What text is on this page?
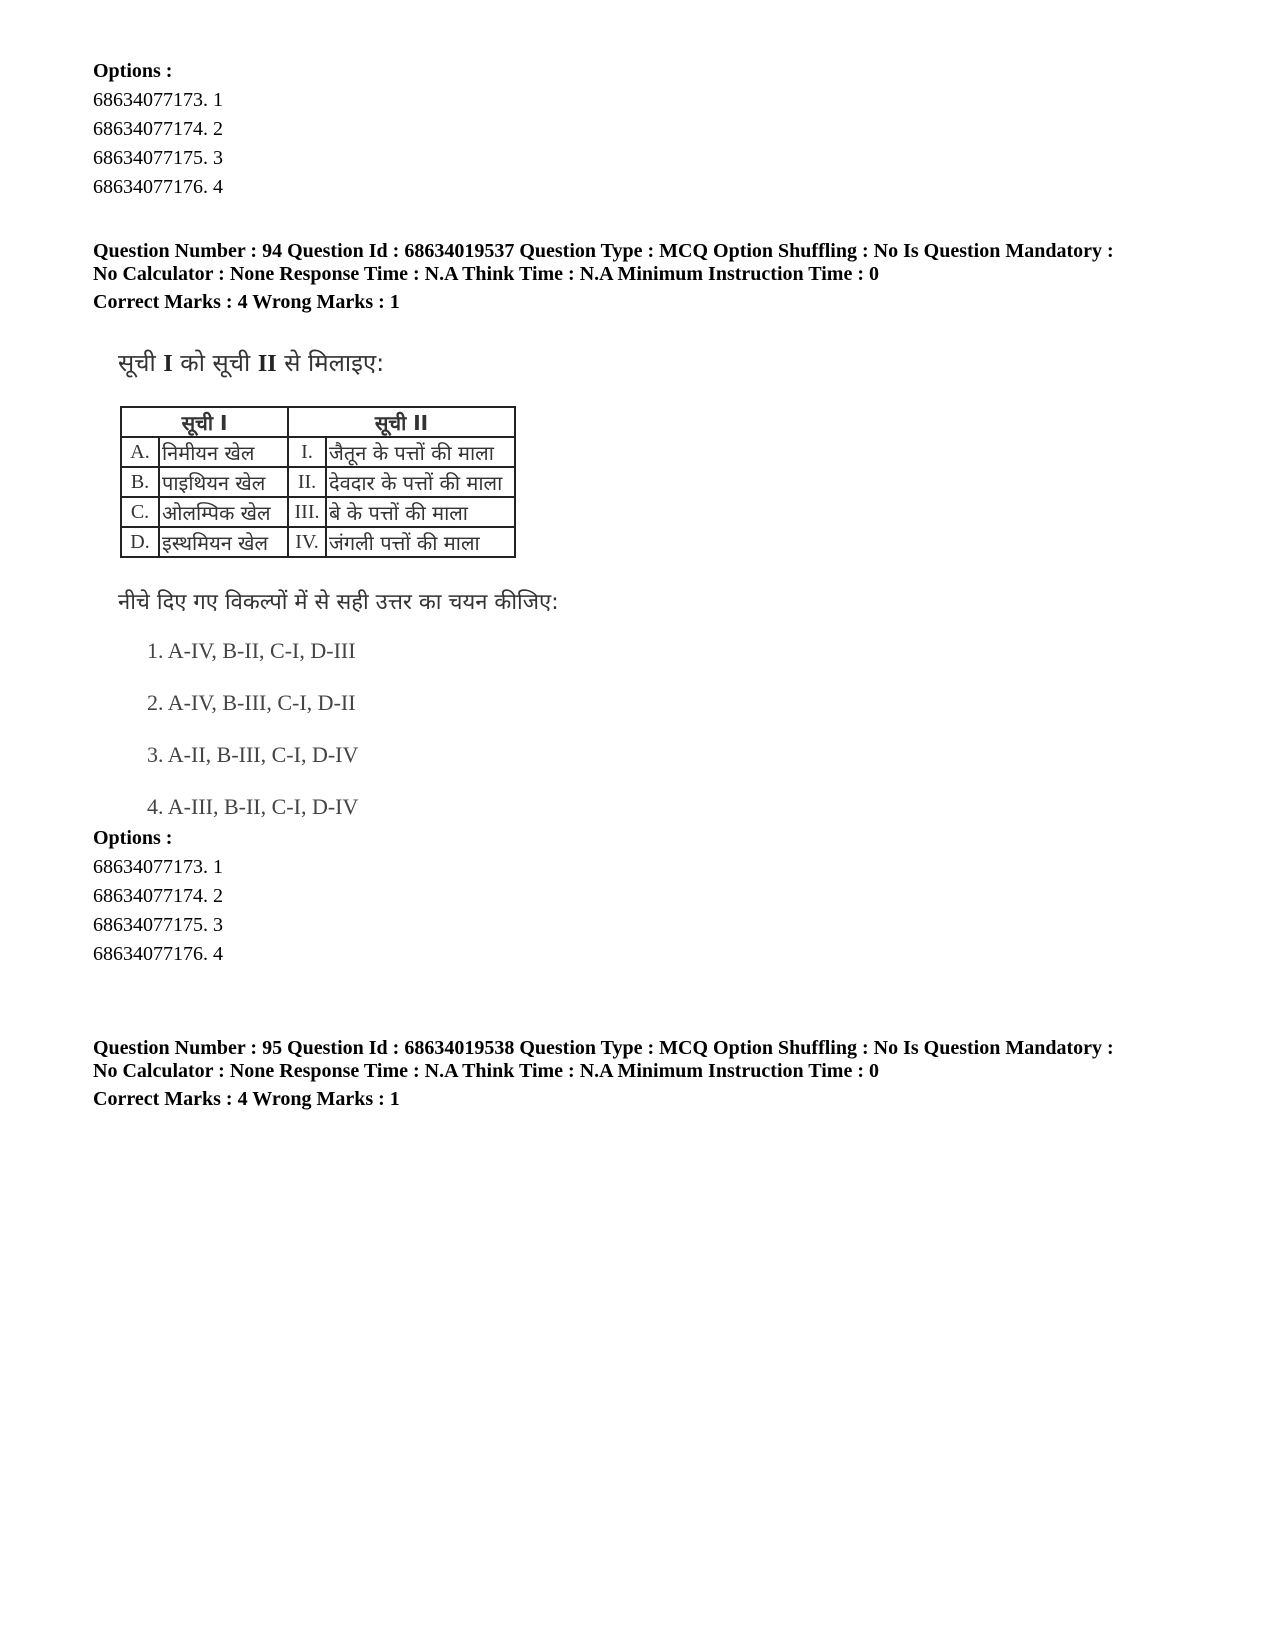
Options :
68634077173. 1
68634077174. 2
68634077175. 3
68634077176. 4
Question Number : 94 Question Id : 68634019537 Question Type : MCQ Option Shuffling : No Is Question Mandatory :
No Calculator : None Response Time : N.A Think Time : N.A Minimum Instruction Time : 0
Correct Marks : 4 Wrong Marks : 1
सूची I को सूची II से मिलाइए:
सूची I		सूची II	
A.	निमीयन खेल	I.	जैतून के पत्तों की माला
B.	पाइथियन खेल	II.	देवदार के पत्तों की माला
C.	ओलम्पिक खेल	III.	बे के पत्तों की माला
D.	इस्थमियन खेल	IV.	जंगली पत्तों की माला
नीचे दिए गए विकल्पों में से सही उत्तर का चयन कीजिए:
1. A-IV, B-II, C-I, D-III
2. A-IV, B-III, C-I, D-II
3. A-II, B-III, C-I, D-IV
4. A-III, B-II, C-I, D-IV
Options :
68634077173. 1
68634077174. 2
68634077175. 3
68634077176. 4
Question Number : 95 Question Id : 68634019538 Question Type : MCQ Option Shuffling : No Is Question Mandatory :
No Calculator : None Response Time : N.A Think Time : N.A Minimum Instruction Time : 0
Correct Marks : 4 Wrong Marks : 1
